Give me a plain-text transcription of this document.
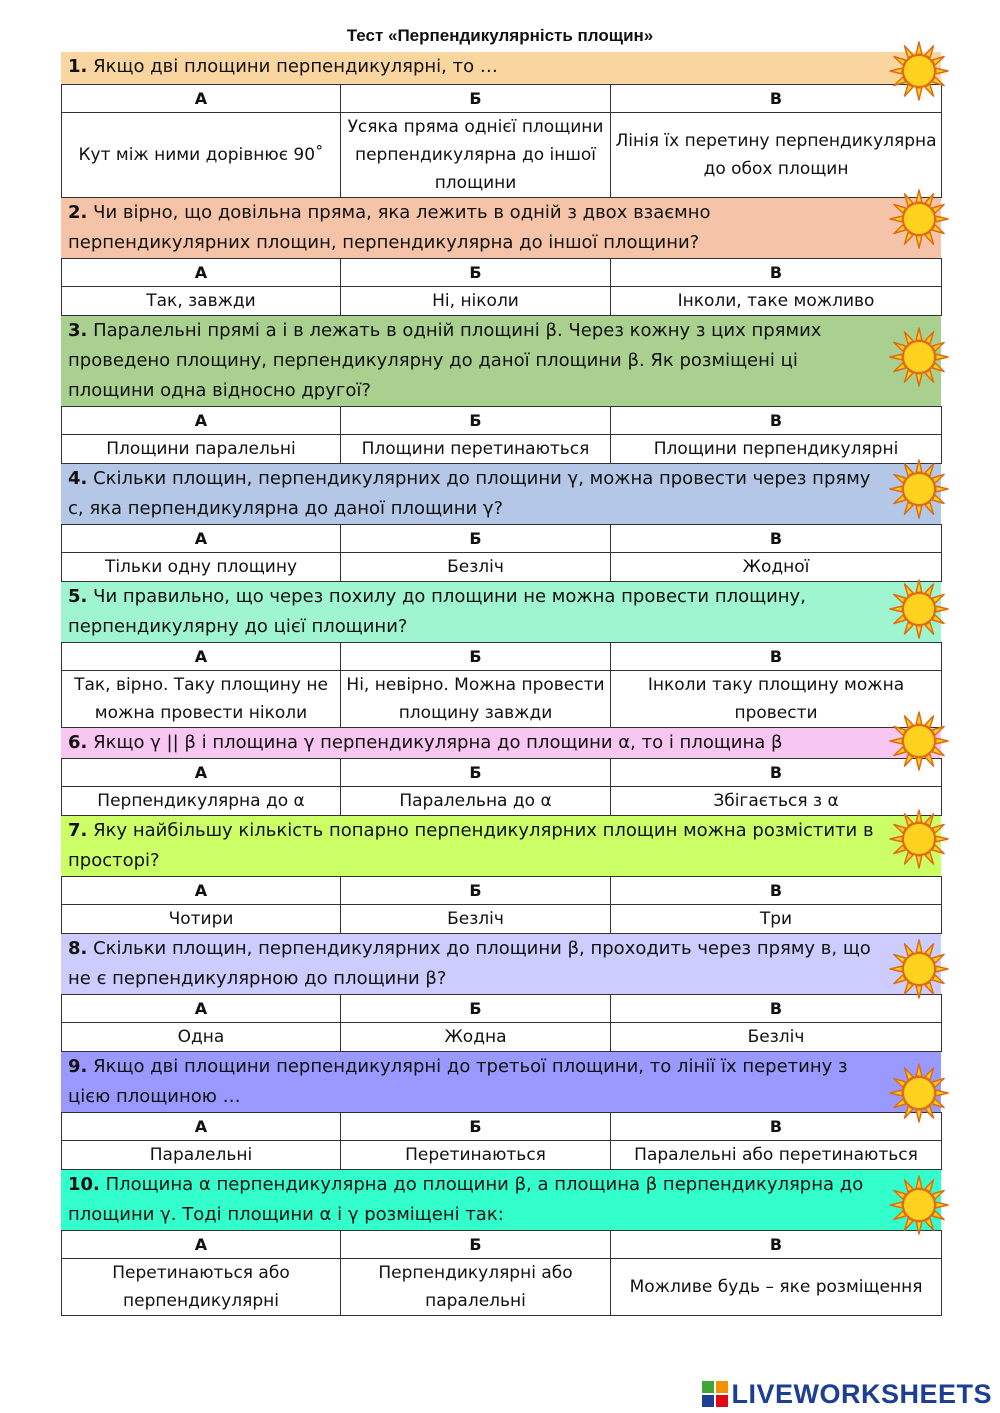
Тест «Перпендикулярність площин»
1. Якщо дві площини перпендикулярні, то …
А	Б	В
Кут між ними дорівнює 90˚	Усяка пряма однієї площини перпендикулярна до іншої площини	Лінія їх перетину перпендикулярна до обох площин
2. Чи вірно, що довільна пряма, яка лежить в одній з двох взаємно перпендикулярних площин, перпендикулярна до іншої площини?
А	Б	В
Так, завжди	Ні, ніколи	Інколи, таке можливо
3. Паралельні прямі а і в лежать в одній площині β. Через кожну з цих прямих проведено площину, перпендикулярну до даної площини β. Як розміщені ці площини одна відносно другої?
А	Б	В
Площини паралельні	Площини перетинаються	Площини перпендикулярні
4. Скільки площин, перпендикулярних до площини γ, можна провести через пряму с, яка перпендикулярна до даної площини γ?
А	Б	В
Тільки одну площину	Безліч	Жодної
5. Чи правильно, що через похилу до площини не можна провести площину, перпендикулярну до цієї площини?
А	Б	В
Так, вірно. Таку площину не можна провести ніколи	Ні, невірно. Можна провести площину завжди	Інколи таку площину можна провести
6. Якщо γ || β і площина γ перпендикулярна до площини α, то і площина β
А	Б	В
Перпендикулярна до α	Паралельна до α	Збігається з α
7. Яку найбільшу кількість попарно перпендикулярних площин можна розмістити в просторі?
А	Б	В
Чотири	Безліч	Три
8. Скільки площин, перпендикулярних до площини β, проходить через пряму в, що не є перпендикулярною до площини β?
А	Б	В
Одна	Жодна	Безліч
9. Якщо дві площини перпендикулярні до третьої площини, то лінії їх перетину з цією площиною …
А	Б	В
Паралельні	Перетинаються	Паралельні або перетинаються
10. Площина α перпендикулярна до площини β, а площина β перпендикулярна до площини γ. Тоді площини α і γ розміщені так:
А	Б	В
Перетинаються або перпендикулярні	Перпендикулярні або паралельні	Можливе будь – яке розміщення
LIVEWORKSHEETS
